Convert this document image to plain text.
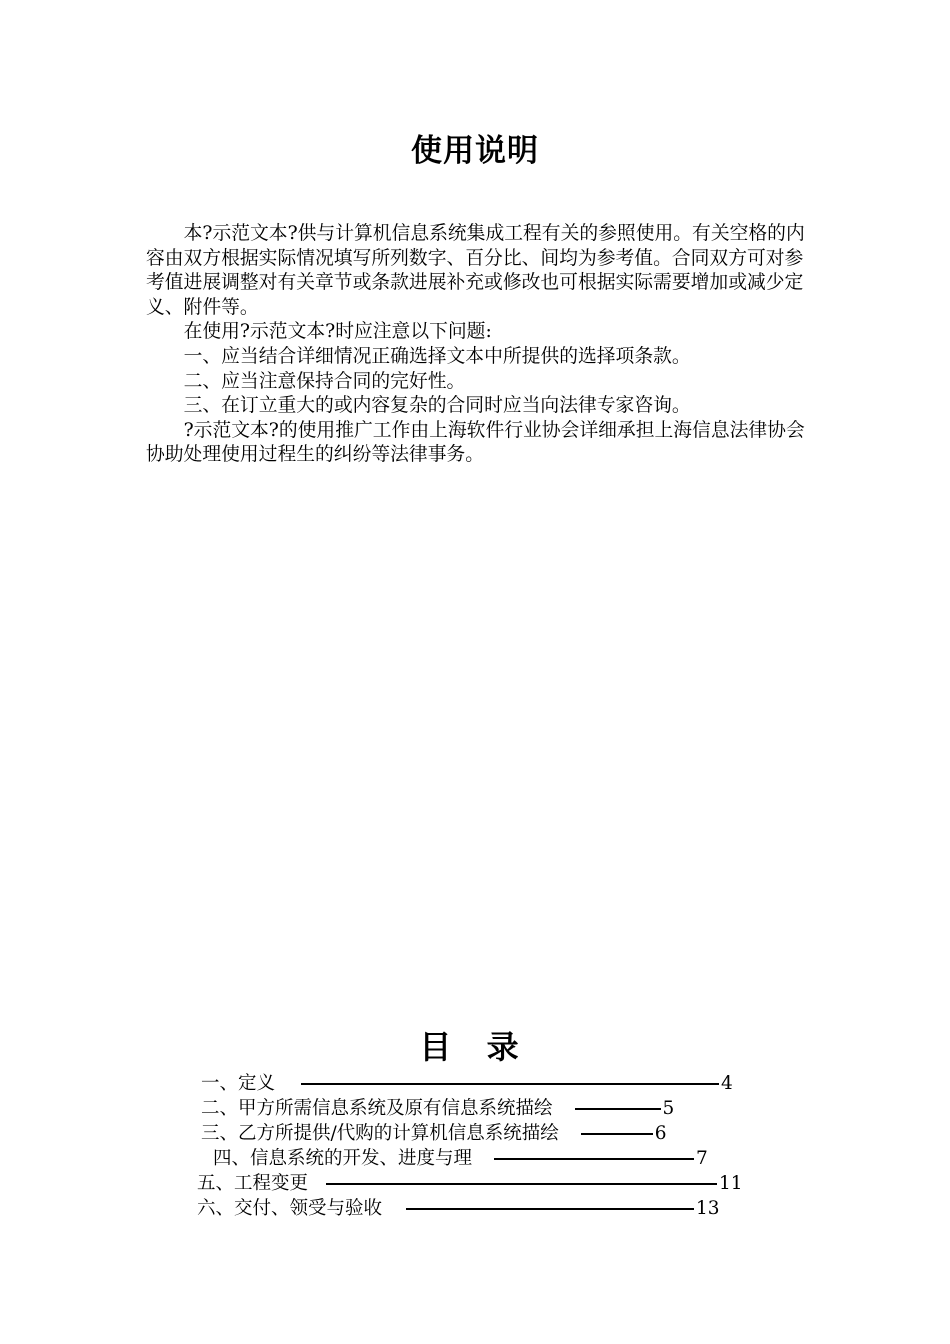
使用说明

本?示范文本?供与计算机信息系统集成工程有关的参照使用。有关空格的内容由双方根据实际情况填写所列数字、百分比、间均为参考值。合同双方可对参考值进展调整对有关章节或条款进展补充或修改也可根据实际需要增加或减少定义、附件等。

在使用?示范文本?时应注意以下问题:

一、应当结合详细情况正确选择文本中所提供的选择项条款。

二、应当注意保持合同的完好性。

三、在订立重大的或内容复杂的合同时应当向法律专家咨询。

?示范文本?的使用推广工作由上海软件行业协会详细承担上海信息法律协会协助处理使用过程生的纠纷等法律事务。

目 录
一、定义	4
二、甲方所需信息系统及原有信息系统描绘	5
三、乙方所提供/代购的计算机信息系统描绘	6
四、信息系统的开发、进度与理	7
五、工程变更	11
六、交付、领受与验收	13
